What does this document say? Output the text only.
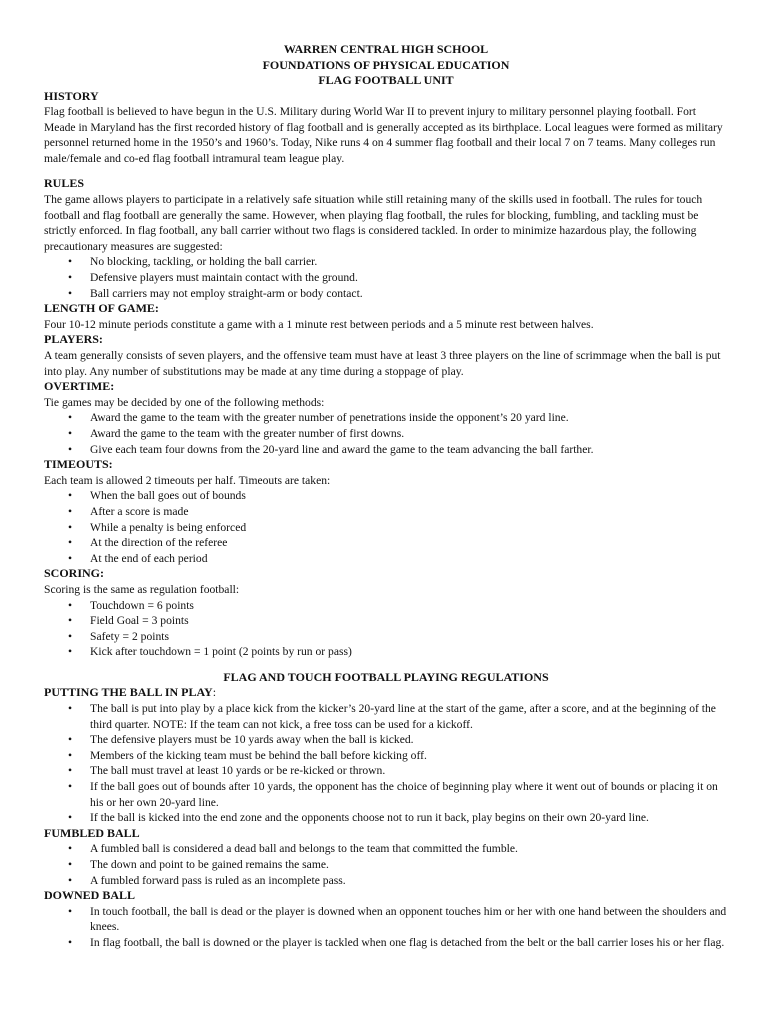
WARREN CENTRAL HIGH SCHOOL
FOUNDATIONS OF PHYSICAL EDUCATION
FLAG FOOTBALL UNIT
HISTORY

Flag football is believed to have begun in the U.S. Military during World War II to prevent injury to military personnel playing football. Fort Meade in Maryland has the first recorded history of flag football and is generally accepted as its birthplace. Local leagues were formed as military personnel returned home in the 1950’s and 1960’s. Today, Nike runs 4 on 4 summer flag football and their local 7 on 7 teams. Many colleges run male/female and co-ed flag football intramural team league play.

RULES

The game allows players to participate in a relatively safe situation while still retaining many of the skills used in football. The rules for touch football and flag football are generally the same. However, when playing flag football, the rules for blocking, fumbling, and tackling must be strictly enforced. In flag football, any ball carrier without two flags is considered tackled. In order to minimize hazardous play, the following precautionary measures are suggested:

• No blocking, tackling, or holding the ball carrier.
• Defensive players must maintain contact with the ground.
• Ball carriers may not employ straight-arm or body contact.
LENGTH OF GAME:

Four 10-12 minute periods constitute a game with a 1 minute rest between periods and a 5 minute rest between halves.

PLAYERS:

A team generally consists of seven players, and the offensive team must have at least 3 three players on the line of scrimmage when the ball is put into play. Any number of substitutions may be made at any time during a stoppage of play.

OVERTIME:

Tie games may be decided by one of the following methods:

• Award the game to the team with the greater number of penetrations inside the opponent’s 20 yard line.
• Award the game to the team with the greater number of first downs.
• Give each team four downs from the 20-yard line and award the game to the team advancing the ball farther.
TIMEOUTS:

Each team is allowed 2 timeouts per half. Timeouts are taken:

• When the ball goes out of bounds
• After a score is made
• While a penalty is being enforced
• At the direction of the referee
• At the end of each period
SCORING:

Scoring is the same as regulation football:

• Touchdown = 6 points
• Field Goal = 3 points
• Safety = 2 points
• Kick after touchdown = 1 point (2 points by run or pass)
FLAG AND TOUCH FOOTBALL PLAYING REGULATIONS
PUTTING THE BALL IN PLAY:
• The ball is put into play by a place kick from the kicker’s 20-yard line at the start of the game, after a score, and at the beginning of the third quarter. NOTE: If the team can not kick, a free toss can be used for a kickoff.
• The defensive players must be 10 yards away when the ball is kicked.
• Members of the kicking team must be behind the ball before kicking off.
• The ball must travel at least 10 yards or be re-kicked or thrown.
• If the ball goes out of bounds after 10 yards, the opponent has the choice of beginning play where it went out of bounds or placing it on his or her own 20-yard line.
• If the ball is kicked into the end zone and the opponents choose not to run it back, play begins on their own 20-yard line.
FUMBLED BALL
• A fumbled ball is considered a dead ball and belongs to the team that committed the fumble.
• The down and point to be gained remains the same.
• A fumbled forward pass is ruled as an incomplete pass.
DOWNED BALL
• In touch football, the ball is dead or the player is downed when an opponent touches him or her with one hand between the shoulders and knees.
• In flag football, the ball is downed or the player is tackled when one flag is detached from the belt or the ball carrier loses his or her flag.
